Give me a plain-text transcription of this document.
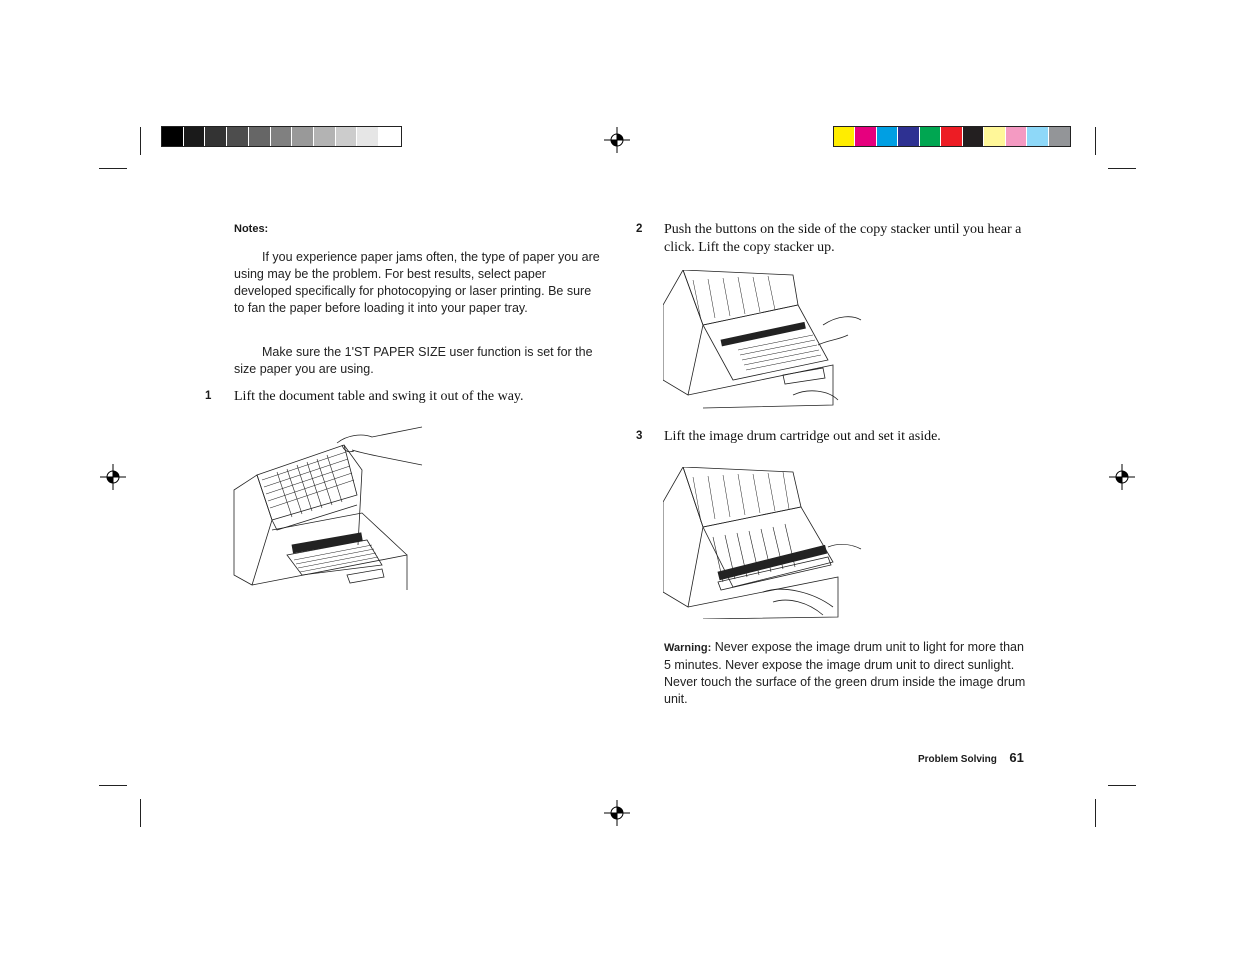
Notes:
If you experience paper jams often, the type of paper you are using may be the problem. For best results, select paper developed specifically for photocopying or laser printing. Be sure to fan the paper before loading it into your paper tray.
Make sure the 1'ST PAPER SIZE user function is set for the size paper you are using.
1 Lift the document table and swing it out of the way.
2 Push the buttons on the side of the copy stacker until you hear a click. Lift the copy stacker up.
3 Lift the image drum cartridge out and set it aside.
Warning: Never expose the image drum unit to light for more than 5 minutes. Never expose the image drum unit to direct sunlight. Never touch the surface of the green drum inside the image drum unit.
Problem Solving 61
